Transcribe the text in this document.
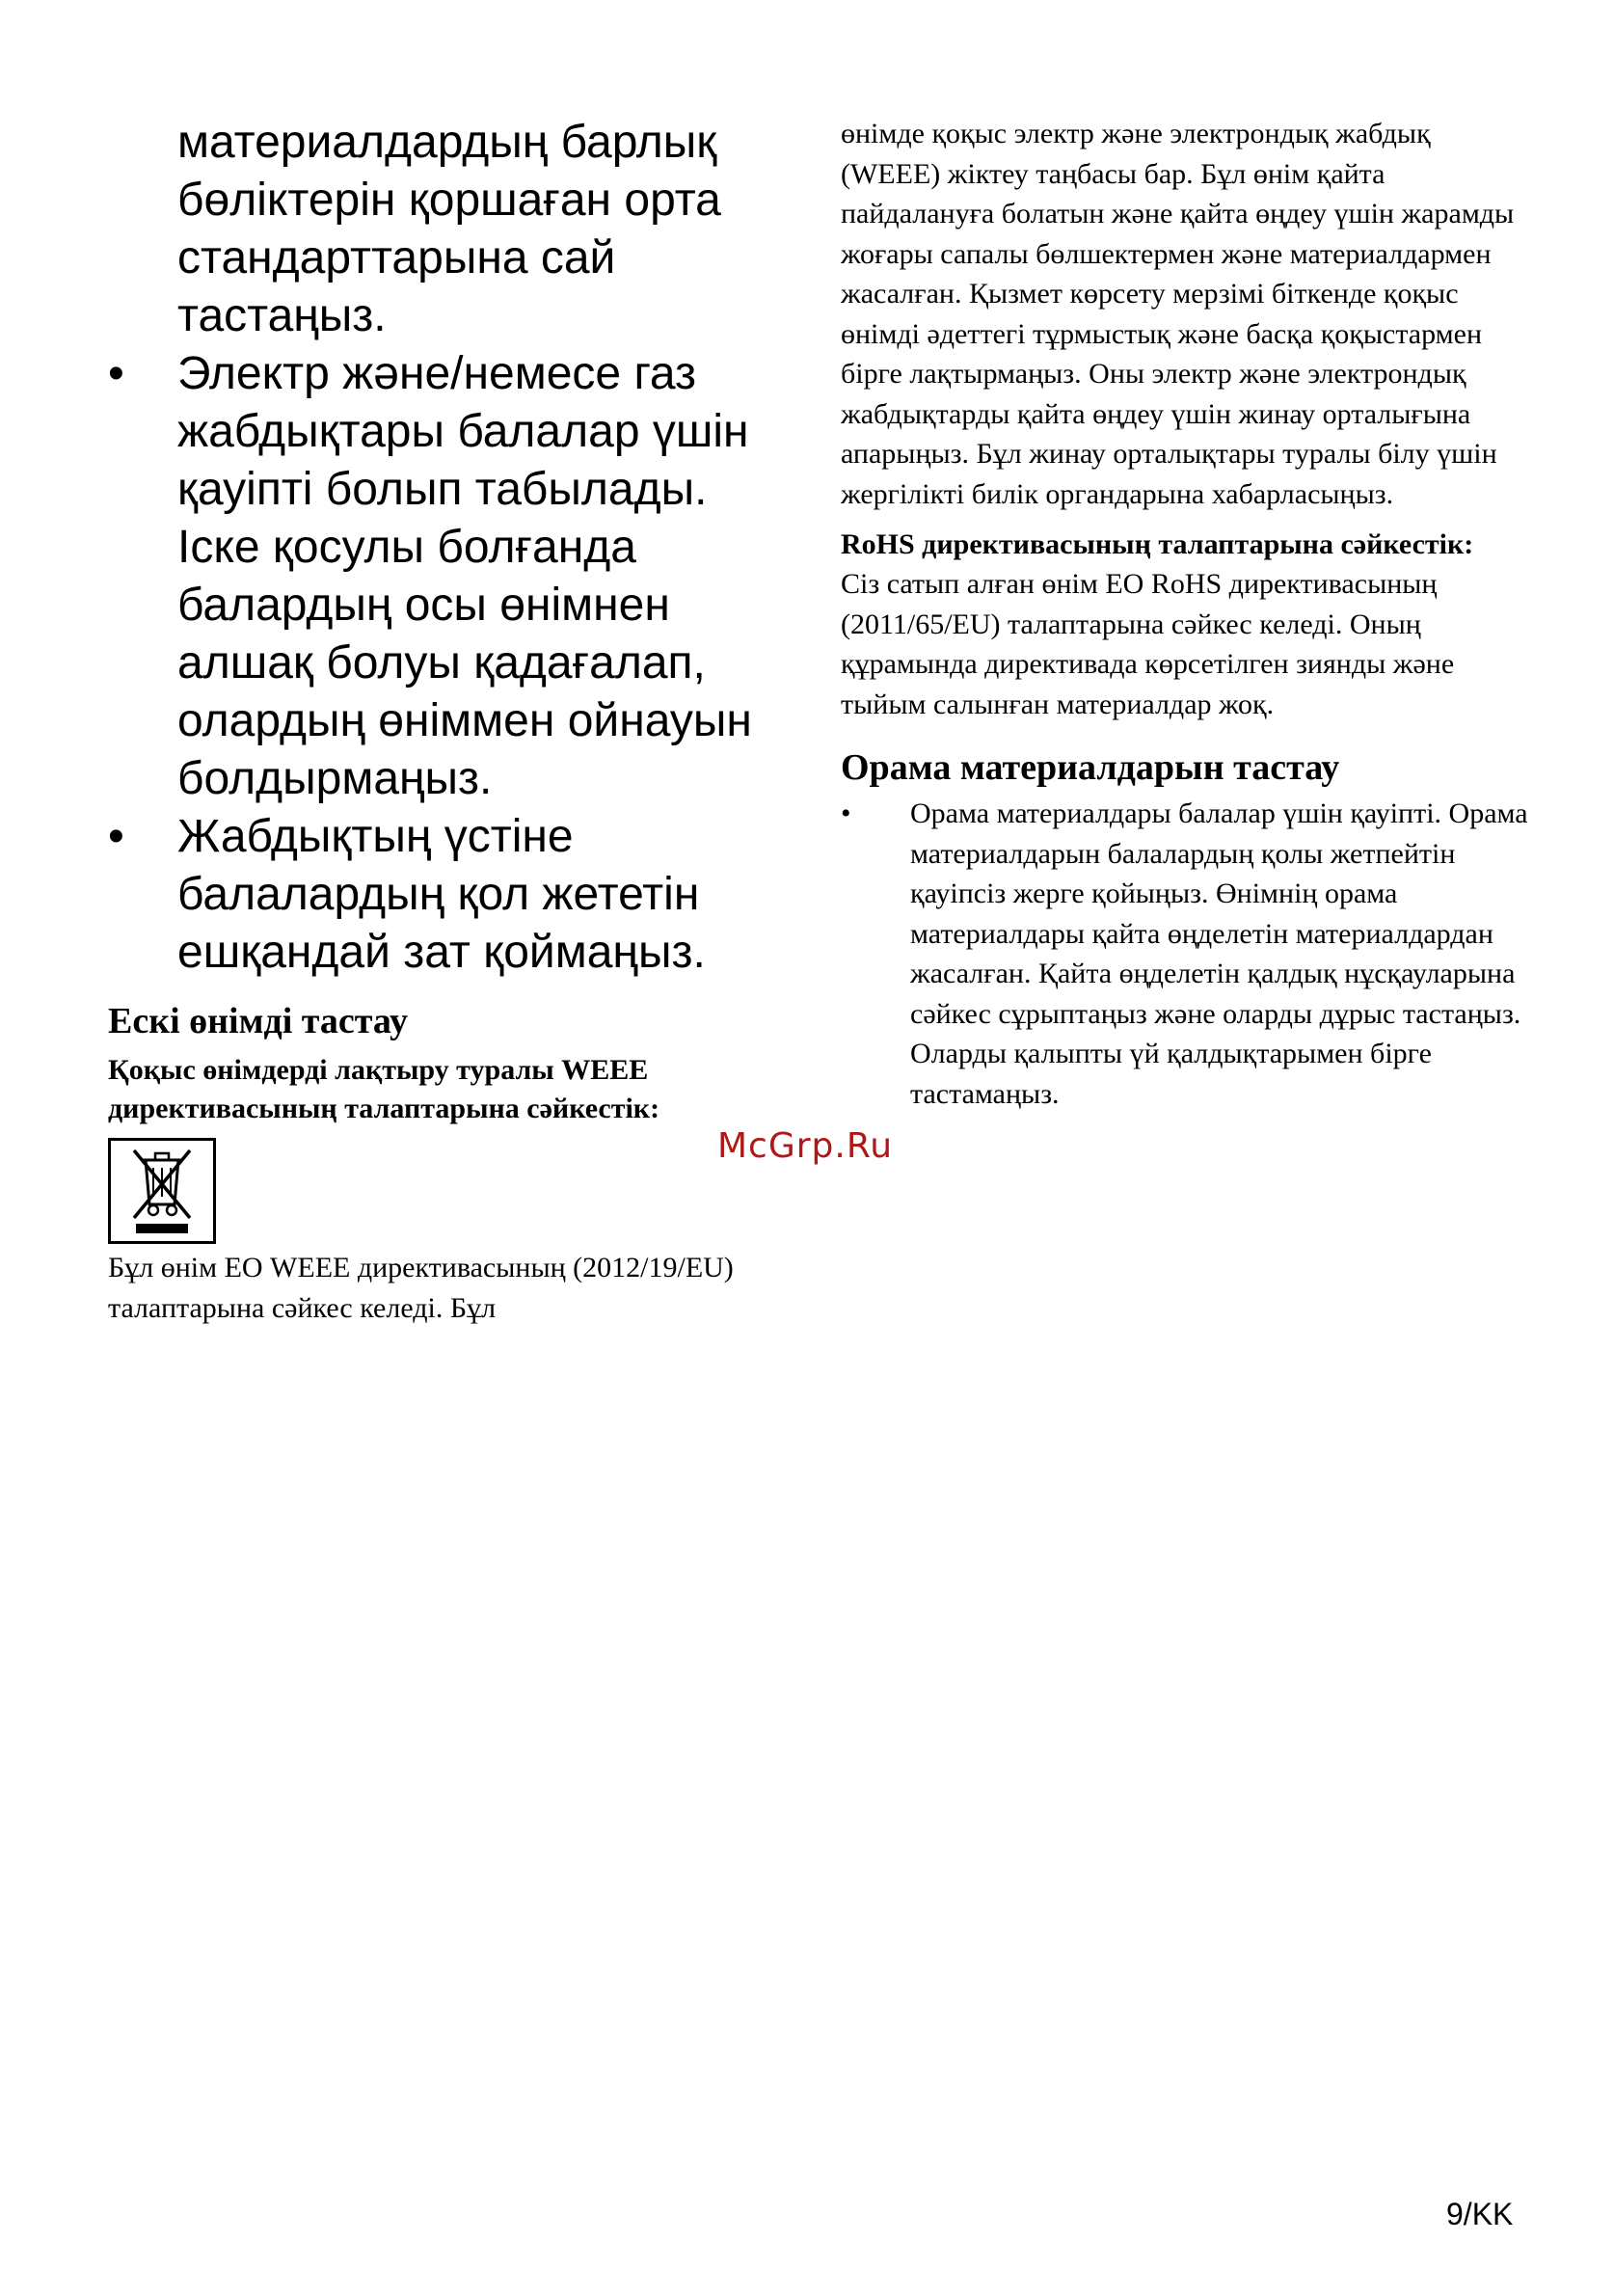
материалдардың барлық бөліктерін қоршаған орта стандарттарына сай тастаңыз.

• Электр және/немесе газ жабдықтары балалар үшін қауіпті болып табылады. Іске қосулы болғанда балардың осы өнімнен алшақ болуы қадағалап, олардың өніммен ойнауын болдырмаңыз.
• Жабдықтың үстіне балалардың қол жететін ешқандай зат қоймаңыз.
Ескі өнімді тастау
Қоқыс өнімдерді лақтыру туралы WEEE директивасының талаптарына сәйкестік:

Бұл өнім ЕО WEEE директивасының (2012/19/EU) талаптарына сәйкес келеді. Бұл

өнімде қоқыс электр және электрондық жабдық (WEEE) жіктеу таңбасы бар. Бұл өнім қайта пайдалануға болатын және қайта өңдеу үшін жарамды жоғары сапалы бөлшектермен және материалдармен жасалған. Қызмет көрсету мерзімі біткенде қоқыс өнімді әдеттегі тұрмыстық және басқа қоқыстармен бірге лақтырмаңыз. Оны электр және электрондық жабдықтарды қайта өңдеу үшін жинау орталығына апарыңыз. Бұл жинау орталықтары туралы білу үшін жергілікті билік органдарына хабарласыңыз.

RoHS директивасының талаптарына сәйкестік:

Сіз сатып алған өнім ЕО RoHS директивасының (2011/65/EU) талаптарына сәйкес келеді. Оның құрамында директивада көрсетілген зиянды және тыйым салынған материалдар жоқ.

Орама материалдарын тастау
• Орама материалдары балалар үшін қауіпті. Орама материалдарын балалардың қолы жетпейтін қауіпсіз жерге қойыңыз. Өнімнің орама материалдары қайта өңделетін материалдардан жасалған. Қайта өңделетін қалдық нұсқауларына сәйкес сұрыптаңыз және оларды дұрыс тастаңыз. Оларды қалыпты үй қалдықтарымен бірге тастамаңыз.
McGrp.Ru
9/KK
